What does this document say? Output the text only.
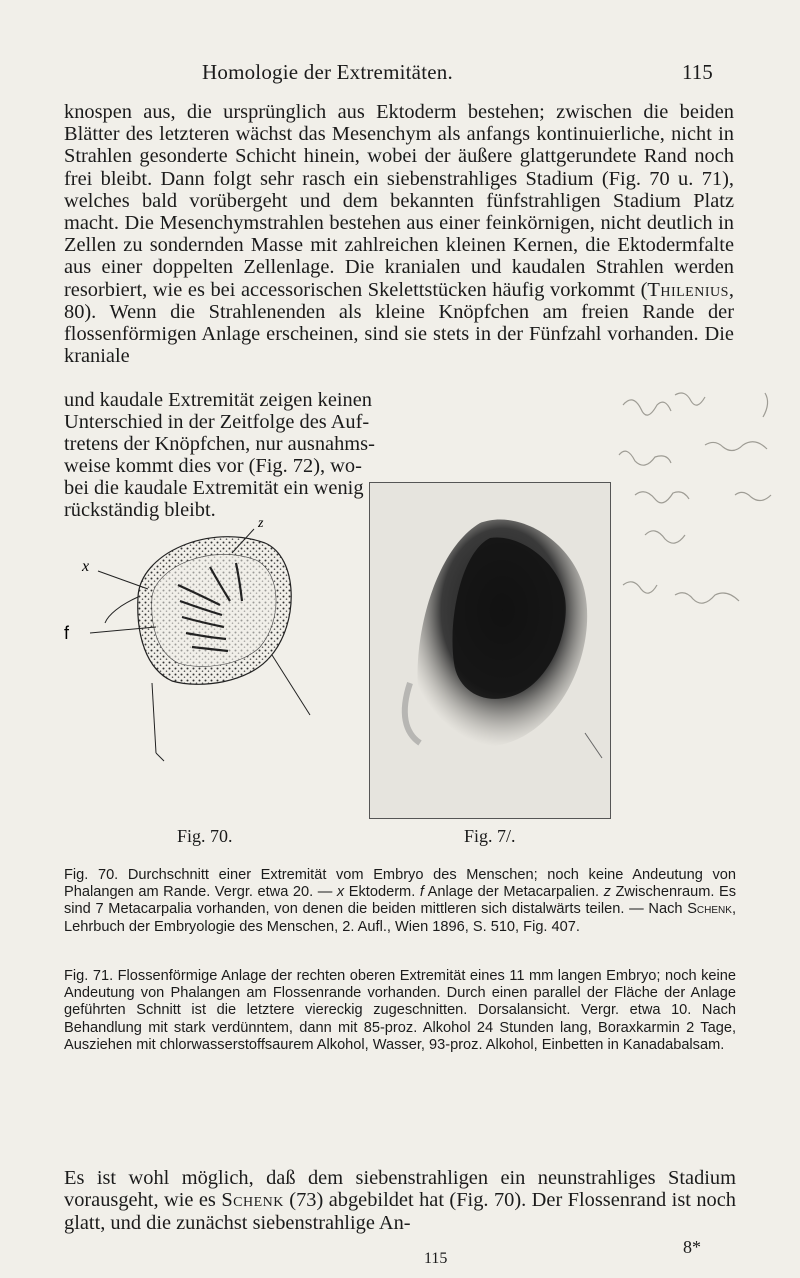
Homologie der Extremitäten.	115

knospen aus, die ursprünglich aus Ektoderm bestehen; zwischen die beiden Blätter des letzteren wächst das Mesenchym als anfangs kontinuierliche, nicht in Strahlen gesonderte Schicht hinein, wobei der äußere glattgerundete Rand noch frei bleibt. Dann folgt sehr rasch ein siebenstrahliges Stadium (Fig. 70 u. 71), welches bald vorübergeht und dem bekannten fünfstrahligen Stadium Platz macht. Die Mesenchymstrahlen bestehen aus einer feinkörnigen, nicht deutlich in Zellen zu sondernden Masse mit zahlreichen kleinen Kernen, die Ektodermfalte aus einer doppelten Zellenlage. Die kranialen und kaudalen Strahlen werden resorbiert, wie es bei accessorischen Skelettstücken häufig vorkommt (Thilenius, 80). Wenn die Strahlenenden als kleine Knöpfchen am freien Rande der flossenförmigen Anlage erscheinen, sind sie stets in der Fünfzahl vorhanden. Die kraniale

und kaudale Extremität zeigen keinen

Unterschied in der Zeitfolge des Auf-

tretens der Knöpfchen, nur ausnahms-

weise kommt dies vor (Fig. 72), wo-

bei die kaudale Extremität ein wenig

rückständig bleibt.

x
z
f
Fig. 70.	Fig. 7/.

Fig. 70. Durchschnitt einer Extremität vom Embryo des Menschen; noch keine Andeutung von Phalangen am Rande. Vergr. etwa 20. — x Ektoderm. f Anlage der Metacarpalien. z Zwischenraum. Es sind 7 Metacarpalia vorhanden, von denen die beiden mittleren sich distalwärts teilen. — Nach Schenk, Lehrbuch der Embryologie des Menschen, 2. Aufl., Wien 1896, S. 510, Fig. 407.

Fig. 71. Flossenförmige Anlage der rechten oberen Extremität eines 11 mm langen Embryo; noch keine Andeutung von Phalangen am Flossenrande vorhanden. Durch einen parallel der Fläche der Anlage geführten Schnitt ist die letztere viereckig zugeschnitten. Dorsalansicht. Vergr. etwa 10. Nach Behandlung mit stark verdünntem, dann mit 85-proz. Alkohol 24 Stunden lang, Boraxkarmin 2 Tage, Ausziehen mit chlorwasserstoffsaurem Alkohol, Wasser, 93-proz. Alkohol, Einbetten in Kanadabalsam.

Es ist wohl möglich, daß dem siebenstrahligen ein neunstrahliges Stadium vorausgeht, wie es Schenk (73) abgebildet hat (Fig. 70). Der Flossenrand ist noch glatt, und die zunächst siebenstrahlige An-

8*
115
